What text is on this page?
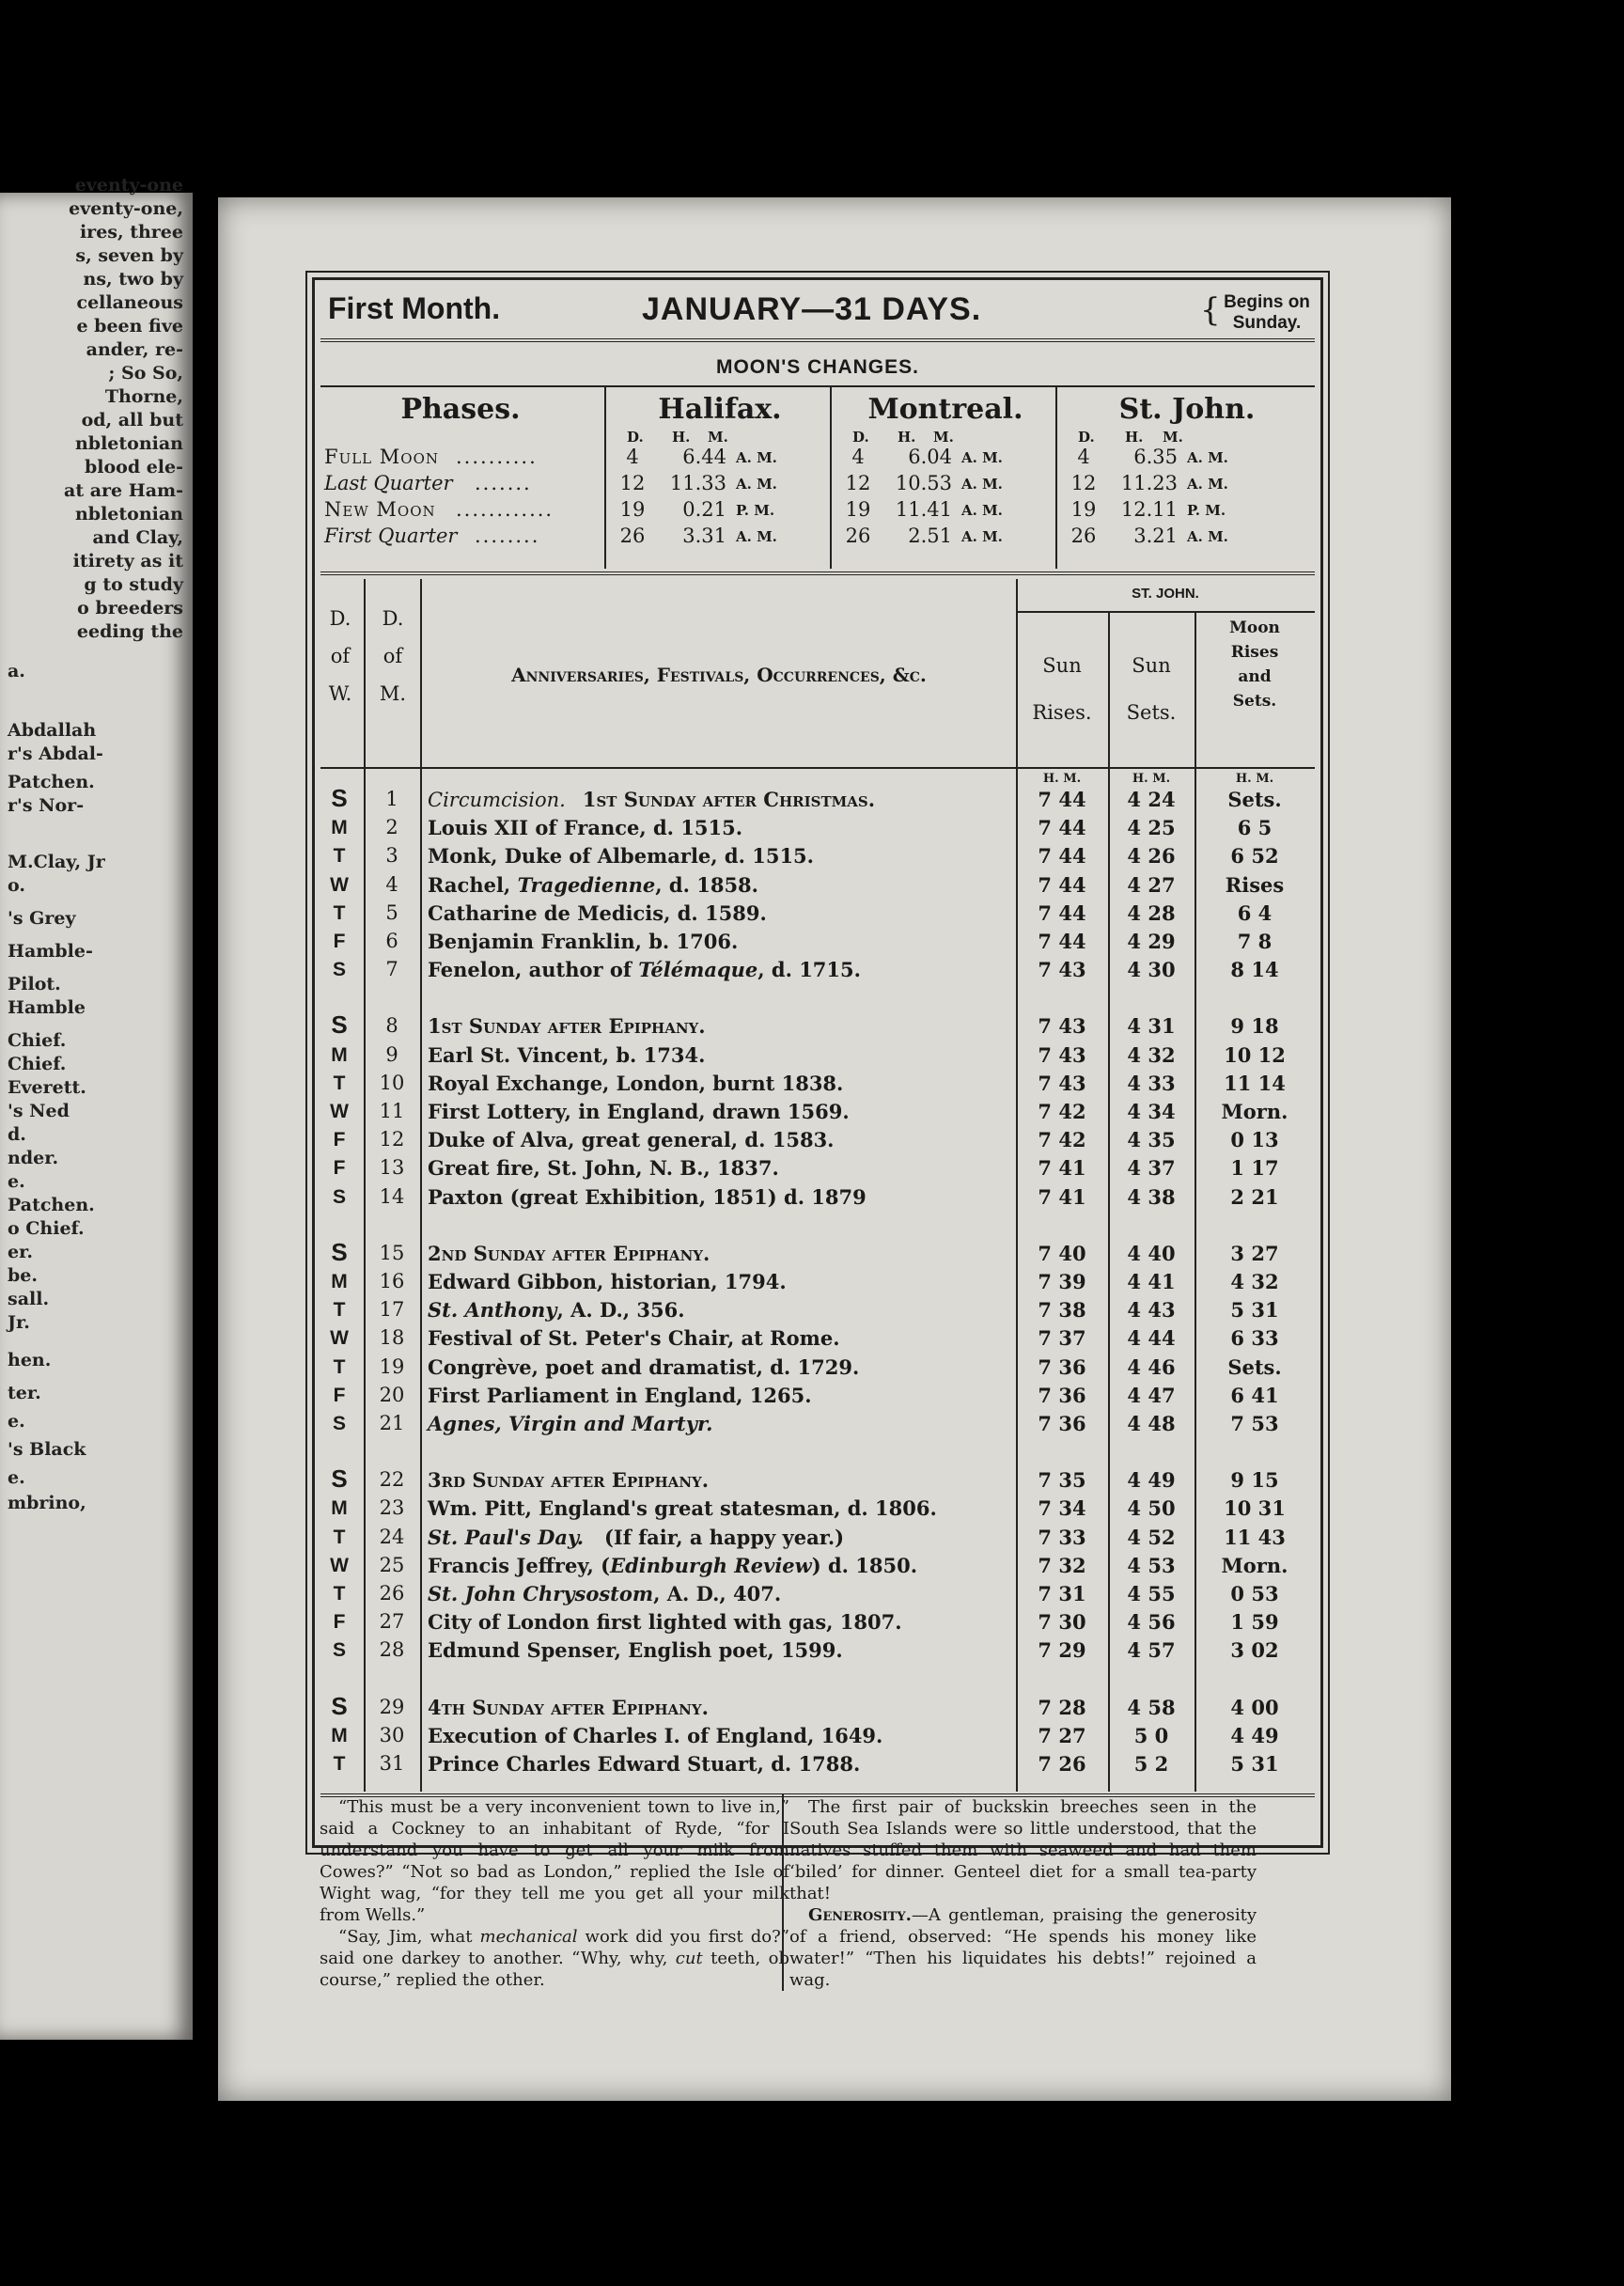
eventy-one
eventy-one,
ires, three
s, seven by
ns, two by
cellaneous
e been five
ander, re-
; So So,
Thorne,
od, all but
nbletonian
blood ele-
at are Ham-
nbletonian
and Clay,
itirety as it
g to study
o breeders
eeding the
a.
Abdallah
r's Abdal-
Patchen.
r's Nor-
M.Clay, Jr
o.
's Grey
Hamble-
Pilot.
Hamble
Chief.
Chief.
Everett.
's Ned
d.
nder.
e.
Patchen.
o Chief.
er.
be.
sall.
Jr.
hen.
ter.
e.
's Black
e.
mbrino,
First Month.	JANUARY—31 DAYS.	{ Begins on
Sunday.
MOON'S CHANGES.
Phases.	Halifax.	Montreal.	St. John.
D. H. M.	D. H. M.	D. H. M.
Full Moon ..........	4	6.44 A. M.	4	6.04 A. M.	4	6.35 A. M.
Last Quarter .......	12	11.33 A. M.	12	10.53 A. M.	12	11.23 A. M.
New Moon ............	19	0.21 P. M.	19	11.41 A. M.	19	12.11 P. M.
First Quarter ........	26	3.31 A. M.	26	2.51 A. M.	26	3.21 A. M.
D.	D.
of	of
W.	M.
Anniversaries, Festivals, Occurrences, &c.
ST. JOHN.
Sun	Sun
Rises.	Sets.
Moon
Rises
and
Sets.
H. M.	H. M.	H. M.
S	1	Circumcision. 1st Sunday after Christmas.	7 44	4 24	Sets.
M	2	Louis XII of France, d. 1515.	7 44	4 25	6 5
T	3	Monk, Duke of Albemarle, d. 1515.	7 44	4 26	6 52
W	4	Rachel, Tragedienne, d. 1858.	7 44	4 27	Rises
T	5	Catharine de Medicis, d. 1589.	7 44	4 28	6 4
F	6	Benjamin Franklin, b. 1706.	7 44	4 29	7 8
S	7	Fenelon, author of Télémaque, d. 1715.	7 43	4 30	8 14
S	8	1st Sunday after Epiphany.	7 43	4 31	9 18
M	9	Earl St. Vincent, b. 1734.	7 43	4 32	10 12
T	10	Royal Exchange, London, burnt 1838.	7 43	4 33	11 14
W	11	First Lottery, in England, drawn 1569.	7 42	4 34	Morn.
F	12	Duke of Alva, great general, d. 1583.	7 42	4 35	0 13
F	13	Great fire, St. John, N. B., 1837.	7 41	4 37	1 17
S	14	Paxton (great Exhibition, 1851) d. 1879	7 41	4 38	2 21
S	15	2nd Sunday after Epiphany.	7 40	4 40	3 27
M	16	Edward Gibbon, historian, 1794.	7 39	4 41	4 32
T	17	St. Anthony, A. D., 356.	7 38	4 43	5 31
W	18	Festival of St. Peter's Chair, at Rome.	7 37	4 44	6 33
T	19	Congrève, poet and dramatist, d. 1729.	7 36	4 46	Sets.
F	20	First Parliament in England, 1265.	7 36	4 47	6 41
S	21	Agnes, Virgin and Martyr.	7 36	4 48	7 53
S	22	3rd Sunday after Epiphany.	7 35	4 49	9 15
M	23	Wm. Pitt, England's great statesman, d. 1806.	7 34	4 50	10 31
T	24	St. Paul's Day.   (If fair, a happy year.)	7 33	4 52	11 43
W	25	Francis Jeffrey, (Edinburgh Review) d. 1850.	7 32	4 53	Morn.
T	26	St. John Chrysostom, A. D., 407.	7 31	4 55	0 53
F	27	City of London first lighted with gas, 1807.	7 30	4 56	1 59
S	28	Edmund Spenser, English poet, 1599.	7 29	4 57	3 02
S	29	4th Sunday after Epiphany.	7 28	4 58	4 00
M	30	Execution of Charles I. of England, 1649.	7 27	5 0	4 49
T	31	Prince Charles Edward Stuart, d. 1788.	7 26	5 2	5 31

“This must be a very inconvenient town to live in,” said a Cockney to an inhabitant of Ryde, “for I understand you have to get all your milk from Cowes?” “Not so bad as London,” replied the Isle of Wight wag, “for they tell me you get all your milk from Wells.”

“Say, Jim, what mechanical work did you first do?” said one darkey to another. “Why, why, cut teeth, ob course,” replied the other.

The first pair of buckskin breeches seen in the South Sea Islands were so little understood, that the natives stuffed them with seaweed and had them ‘biled’ for dinner. Genteel diet for a small tea-party that!

Generosity.—A gentleman, praising the generosity of a friend, observed: “He spends his money like water!” “Then his liquidates his debts!” rejoined a wag.
